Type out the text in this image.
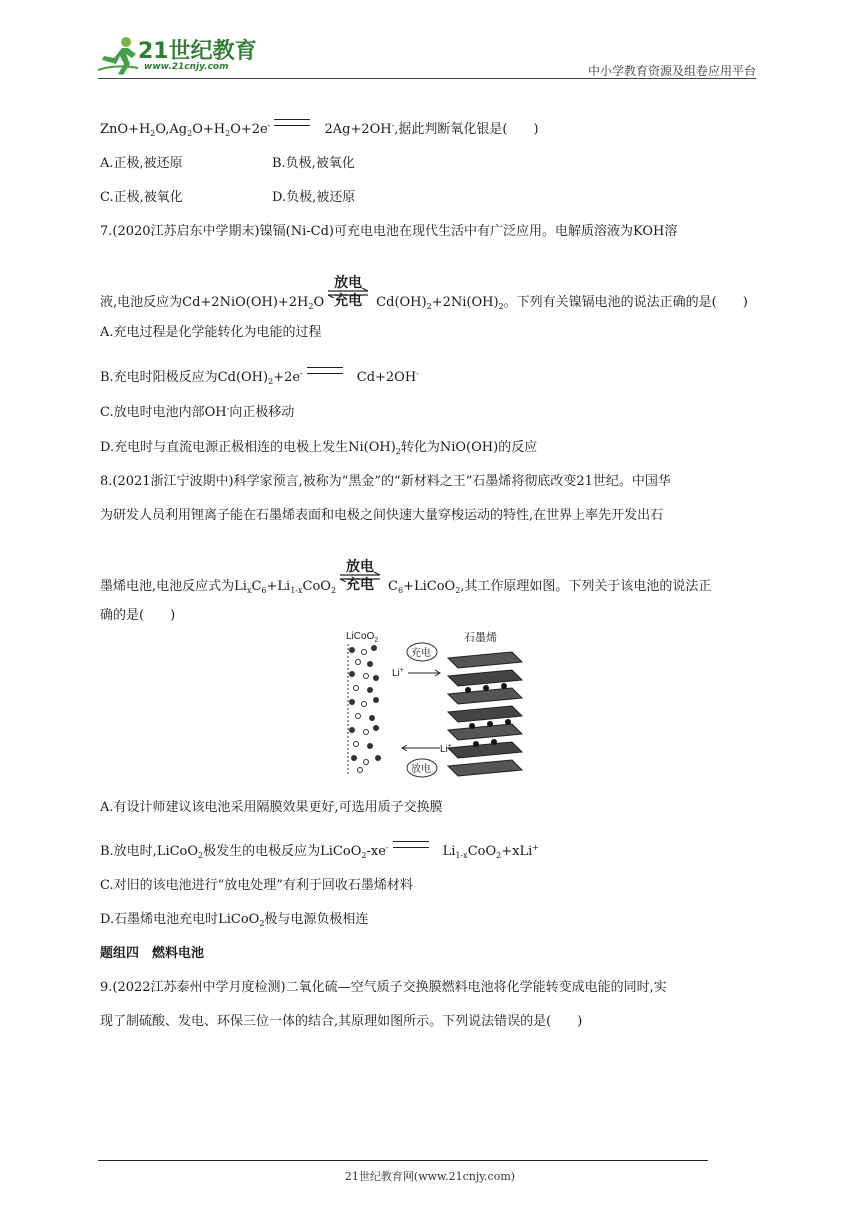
21世纪教育
www.21cnjy.com	中小学教育资源及组卷应用平台
$ZnO+H_2O,Ag_2O+H_2O+2e^-$	2Ag+2OH-,据此判断氧化银是(　　)
A.正极,被还原	B.负极,被氧化
C.正极,被氧化	D.负极,被还原
7.(2020江苏启东中学期末)镍镉(Ni-Cd)可充电电池在现代生活中有广泛应用。电解质溶液为KOH溶
液,电池反应为$Cd+2NiO(OH)+2H_2O$
放电
充电	$Cd(OH)_2+2Ni(OH)_2$。下列有关镍镉电池的说法正确的是(　　)
A.充电过程是化学能转化为电能的过程
B.充电时阳极反应为$Cd(OH)_2+2e^-$	Cd+2OH-
C.放电时电池内部OH-向正极移动
D.充电时与直流电源正极相连的电极上发生$Ni(OH)_2$转化为NiO(OH)的反应
8.(2021浙江宁波期中)科学家预言,被称为“黑金”的“新材料之王”石墨烯将彻底改变21世纪。中国华
为研发人员利用锂离子能在石墨烯表面和电极之间快速大量穿梭运动的特性,在世界上率先开发出石
墨烯电池,电池反应式为$Li_xC_6+Li_{1-x}CoO_2$
放电
充电	$C_6+LiCoO_2$,其工作原理如图。下列关于该电池的说法正
确的是(　　)
LiCoO$_2$	石墨烯
充电
Li+
Li+
放电
A.有设计师建议该电池采用隔膜效果更好,可选用质子交换膜
B.放电时,LiCoO$_2$极发生的电极反应为LiCoO$_2$-xe-	$Li_{1-x}CoO_2+xLi^+$
C.对旧的该电池进行“放电处理”有利于回收石墨烯材料
D.石墨烯电池充电时LiCoO$_2$极与电源负极相连
题组四　燃料电池
9.(2022江苏泰州中学月度检测)二氧化硫—空气质子交换膜燃料电池将化学能转变成电能的同时,实
现了制硫酸、发电、环保三位一体的结合,其原理如图所示。下列说法错误的是(　　)
21世纪教育网(www.21cnjy.com)
